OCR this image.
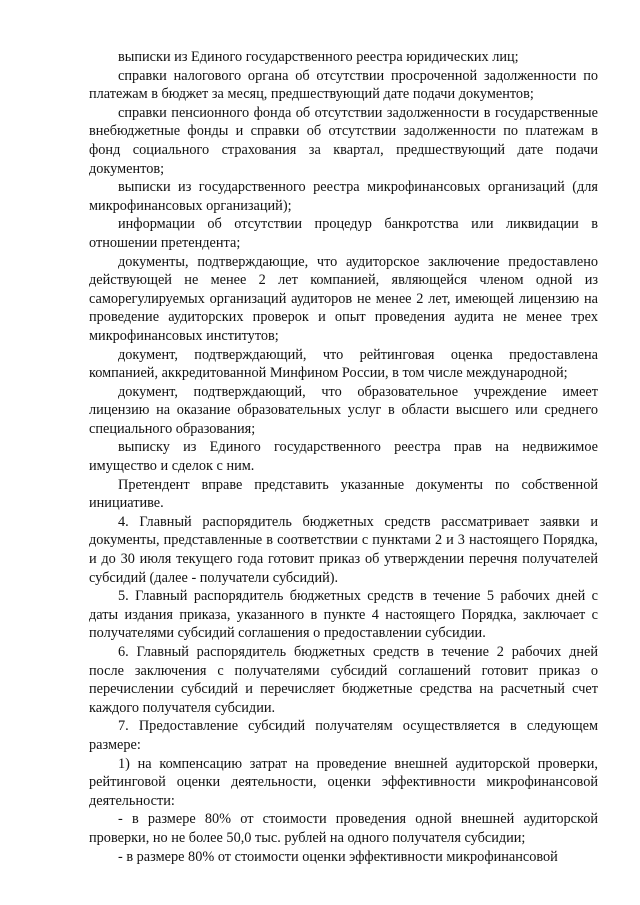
выписки из Единого государственного реестра юридических лиц;

справки налогового органа об отсутствии просроченной задолженности по платежам в бюджет за месяц, предшествующий дате подачи документов;

справки пенсионного фонда об отсутствии задолженности в государственные внебюджетные фонды и справки об отсутствии задолженности по платежам в фонд социального страхования за квартал, предшествующий дате подачи документов;

выписки из государственного реестра микрофинансовых организаций (для микрофинансовых организаций);

информации об отсутствии процедур банкротства или ликвидации в отношении претендента;

документы, подтверждающие, что аудиторское заключение предоставлено действующей не менее 2 лет компанией, являющейся членом одной из саморегулируемых организаций аудиторов не менее 2 лет, имеющей лицензию на проведение аудиторских проверок и опыт проведения аудита не менее трех микрофинансовых институтов;

документ, подтверждающий, что рейтинговая оценка предоставлена компанией, аккредитованной Минфином России, в том числе международной;

документ, подтверждающий, что образовательное учреждение имеет лицензию на оказание образовательных услуг в области высшего или среднего специального образования;

выписку из Единого государственного реестра прав на недвижимое имущество и сделок с ним.

Претендент вправе представить указанные документы по собственной инициативе.

4. Главный распорядитель бюджетных средств рассматривает заявки и документы, представленные в соответствии с пунктами 2 и 3 настоящего Порядка, и до 30 июля текущего года готовит приказ об утверждении перечня получателей субсидий (далее - получатели субсидий).

5. Главный распорядитель бюджетных средств в течение 5 рабочих дней с даты издания приказа, указанного в пункте 4 настоящего Порядка, заключает с получателями субсидий соглашения о предоставлении субсидии.

6. Главный распорядитель бюджетных средств в течение 2 рабочих дней после заключения с получателями субсидий соглашений готовит приказ о перечислении субсидий и перечисляет бюджетные средства на расчетный счет каждого получателя субсидии.

7. Предоставление субсидий получателям осуществляется в следующем размере:

1) на компенсацию затрат на проведение внешней аудиторской проверки, рейтинговой оценки деятельности, оценки эффективности микрофинансовой деятельности:

- в размере 80% от стоимости проведения одной внешней аудиторской проверки, но не более 50,0 тыс. рублей на одного получателя субсидии;

- в размере 80% от стоимости оценки эффективности микрофинансовой
